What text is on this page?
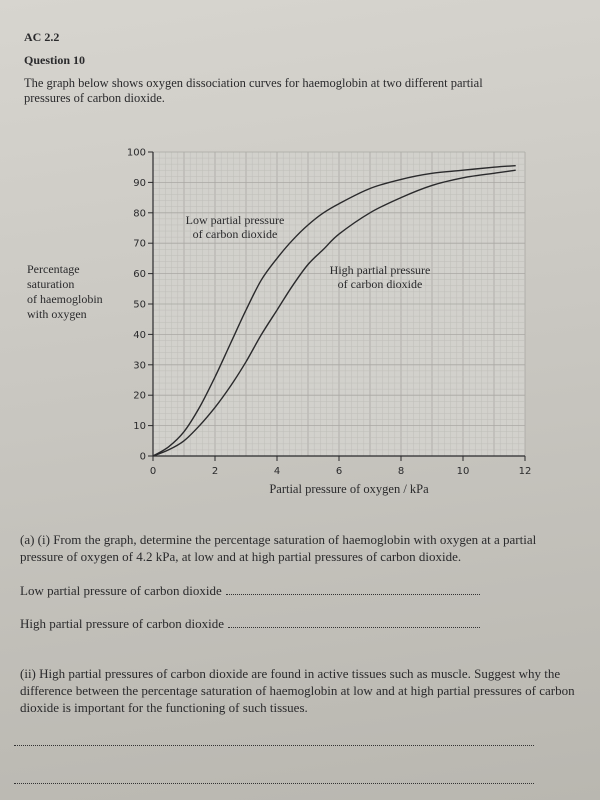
AC 2.2
Question 10
The graph below shows oxygen dissociation curves for haemoglobin at two different partial pressures of carbon dioxide.
Percentage
saturation
of haemoglobin
with oxygen
0
10
20
30
40
50
60
70
80
90
100
0	2	4	6	8	10	12
Low partial pressure
of carbon dioxide
High partial pressure
of carbon dioxide
Partial pressure of oxygen / kPa
(a) (i) From the graph, determine the percentage saturation of haemoglobin with oxygen at a partial pressure of oxygen of 4.2 kPa, at low and at high partial pressures of carbon dioxide.
Low partial pressure of carbon dioxide
High partial pressure of carbon dioxide
(ii) High partial pressures of carbon dioxide are found in active tissues such as muscle. Suggest why the difference between the percentage saturation of haemoglobin at low and at high partial pressures of carbon dioxide is important for the functioning of such tissues.
